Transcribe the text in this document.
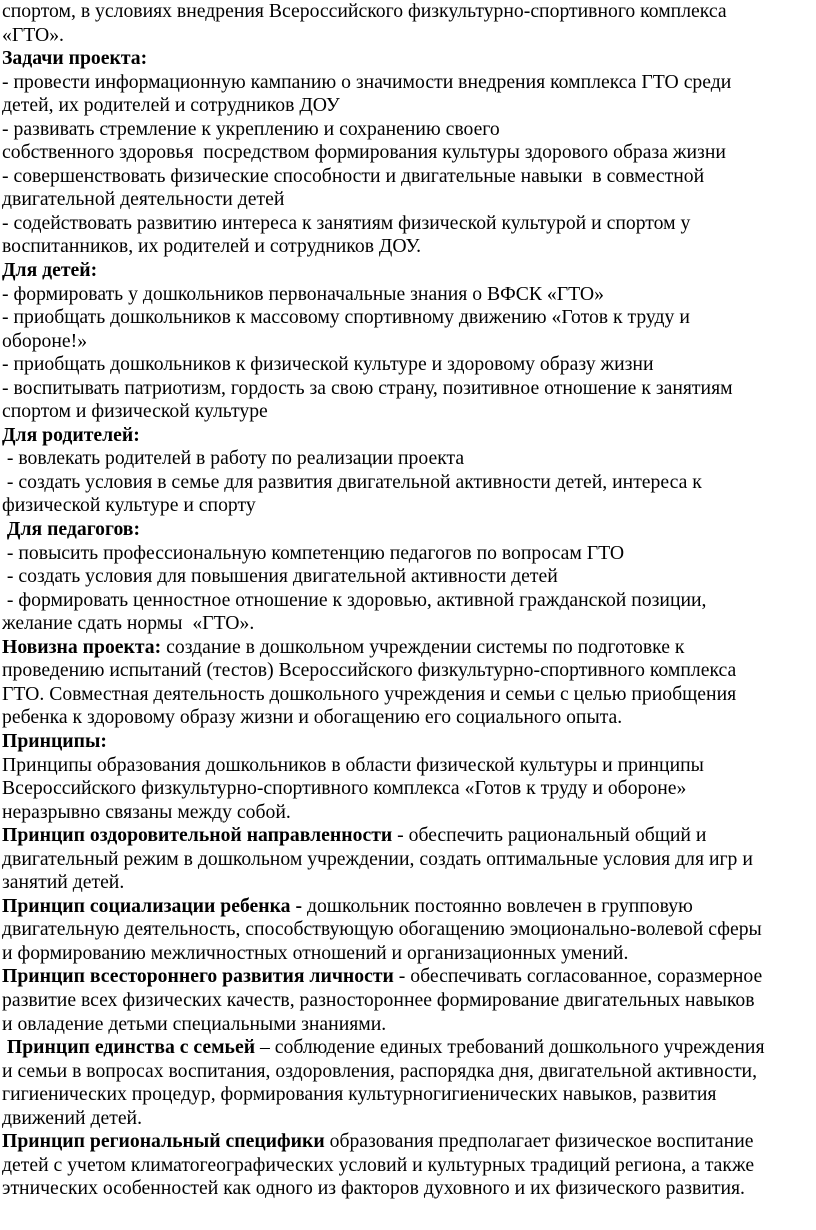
спортом, в условиях внедрения Всероссийского физкультурно-спортивного комплекса
«ГТО».
Задачи проекта:
- провести информационную кампанию о значимости внедрения комплекса ГТО среди
детей, их родителей и сотрудников ДОУ
- развивать стремление к укреплению и сохранению своего
собственного здоровья  посредством формирования культуры здорового образа жизни
- совершенствовать физические способности и двигательные навыки  в совместной
двигательной деятельности детей
- содействовать развитию интереса к занятиям физической культурой и спортом у
воспитанников, их родителей и сотрудников ДОУ.
Для детей:
- формировать у дошкольников первоначальные знания о ВФСК «ГТО»
- приобщать дошкольников к массовому спортивному движению «Готов к труду и
обороне!»
- приобщать дошкольников к физической культуре и здоровому образу жизни
- воспитывать патриотизм, гордость за свою страну, позитивное отношение к занятиям
спортом и физической культуре
Для родителей:
- вовлекать родителей в работу по реализации проекта
- создать условия в семье для развития двигательной активности детей, интереса к
физической культуре и спорту
Для педагогов:
- повысить профессиональную компетенцию педагогов по вопросам ГТО
- создать условия для повышения двигательной активности детей
- формировать ценностное отношение к здоровью, активной гражданской позиции,
желание сдать нормы  «ГТО».
Новизна проекта: создание в дошкольном учреждении системы по подготовке к
проведению испытаний (тестов) Всероссийского физкультурно-спортивного комплекса
ГТО. Совместная деятельность дошкольного учреждения и семьи с целью приобщения
ребенка к здоровому образу жизни и обогащению его социального опыта.
Принципы:
Принципы образования дошкольников в области физической культуры и принципы
Всероссийского физкультурно-спортивного комплекса «Готов к труду и обороне»
неразрывно связаны между собой.
Принцип оздоровительной направленности - обеспечить рациональный общий и
двигательный режим в дошкольном учреждении, создать оптимальные условия для игр и
занятий детей.
Принцип социализации ребенка - дошкольник постоянно вовлечен в групповую
двигательную деятельность, способствующую обогащению эмоционально-волевой сферы
и формированию межличностных отношений и организационных умений.
Принцип всестороннего развития личности - обеспечивать согласованное, соразмерное
развитие всех физических качеств, разностороннее формирование двигательных навыков
и овладение детьми специальными знаниями.
Принцип единства с семьей – соблюдение единых требований дошкольного учреждения
и семьи в вопросах воспитания, оздоровления, распорядка дня, двигательной активности,
гигиенических процедур, формирования культурногигиенических навыков, развития
движений детей.
Принцип региональный специфики образования предполагает физическое воспитание
детей с учетом климатогеографических условий и культурных традиций региона, а также
этнических особенностей как одного из факторов духовного и их физического развития.
